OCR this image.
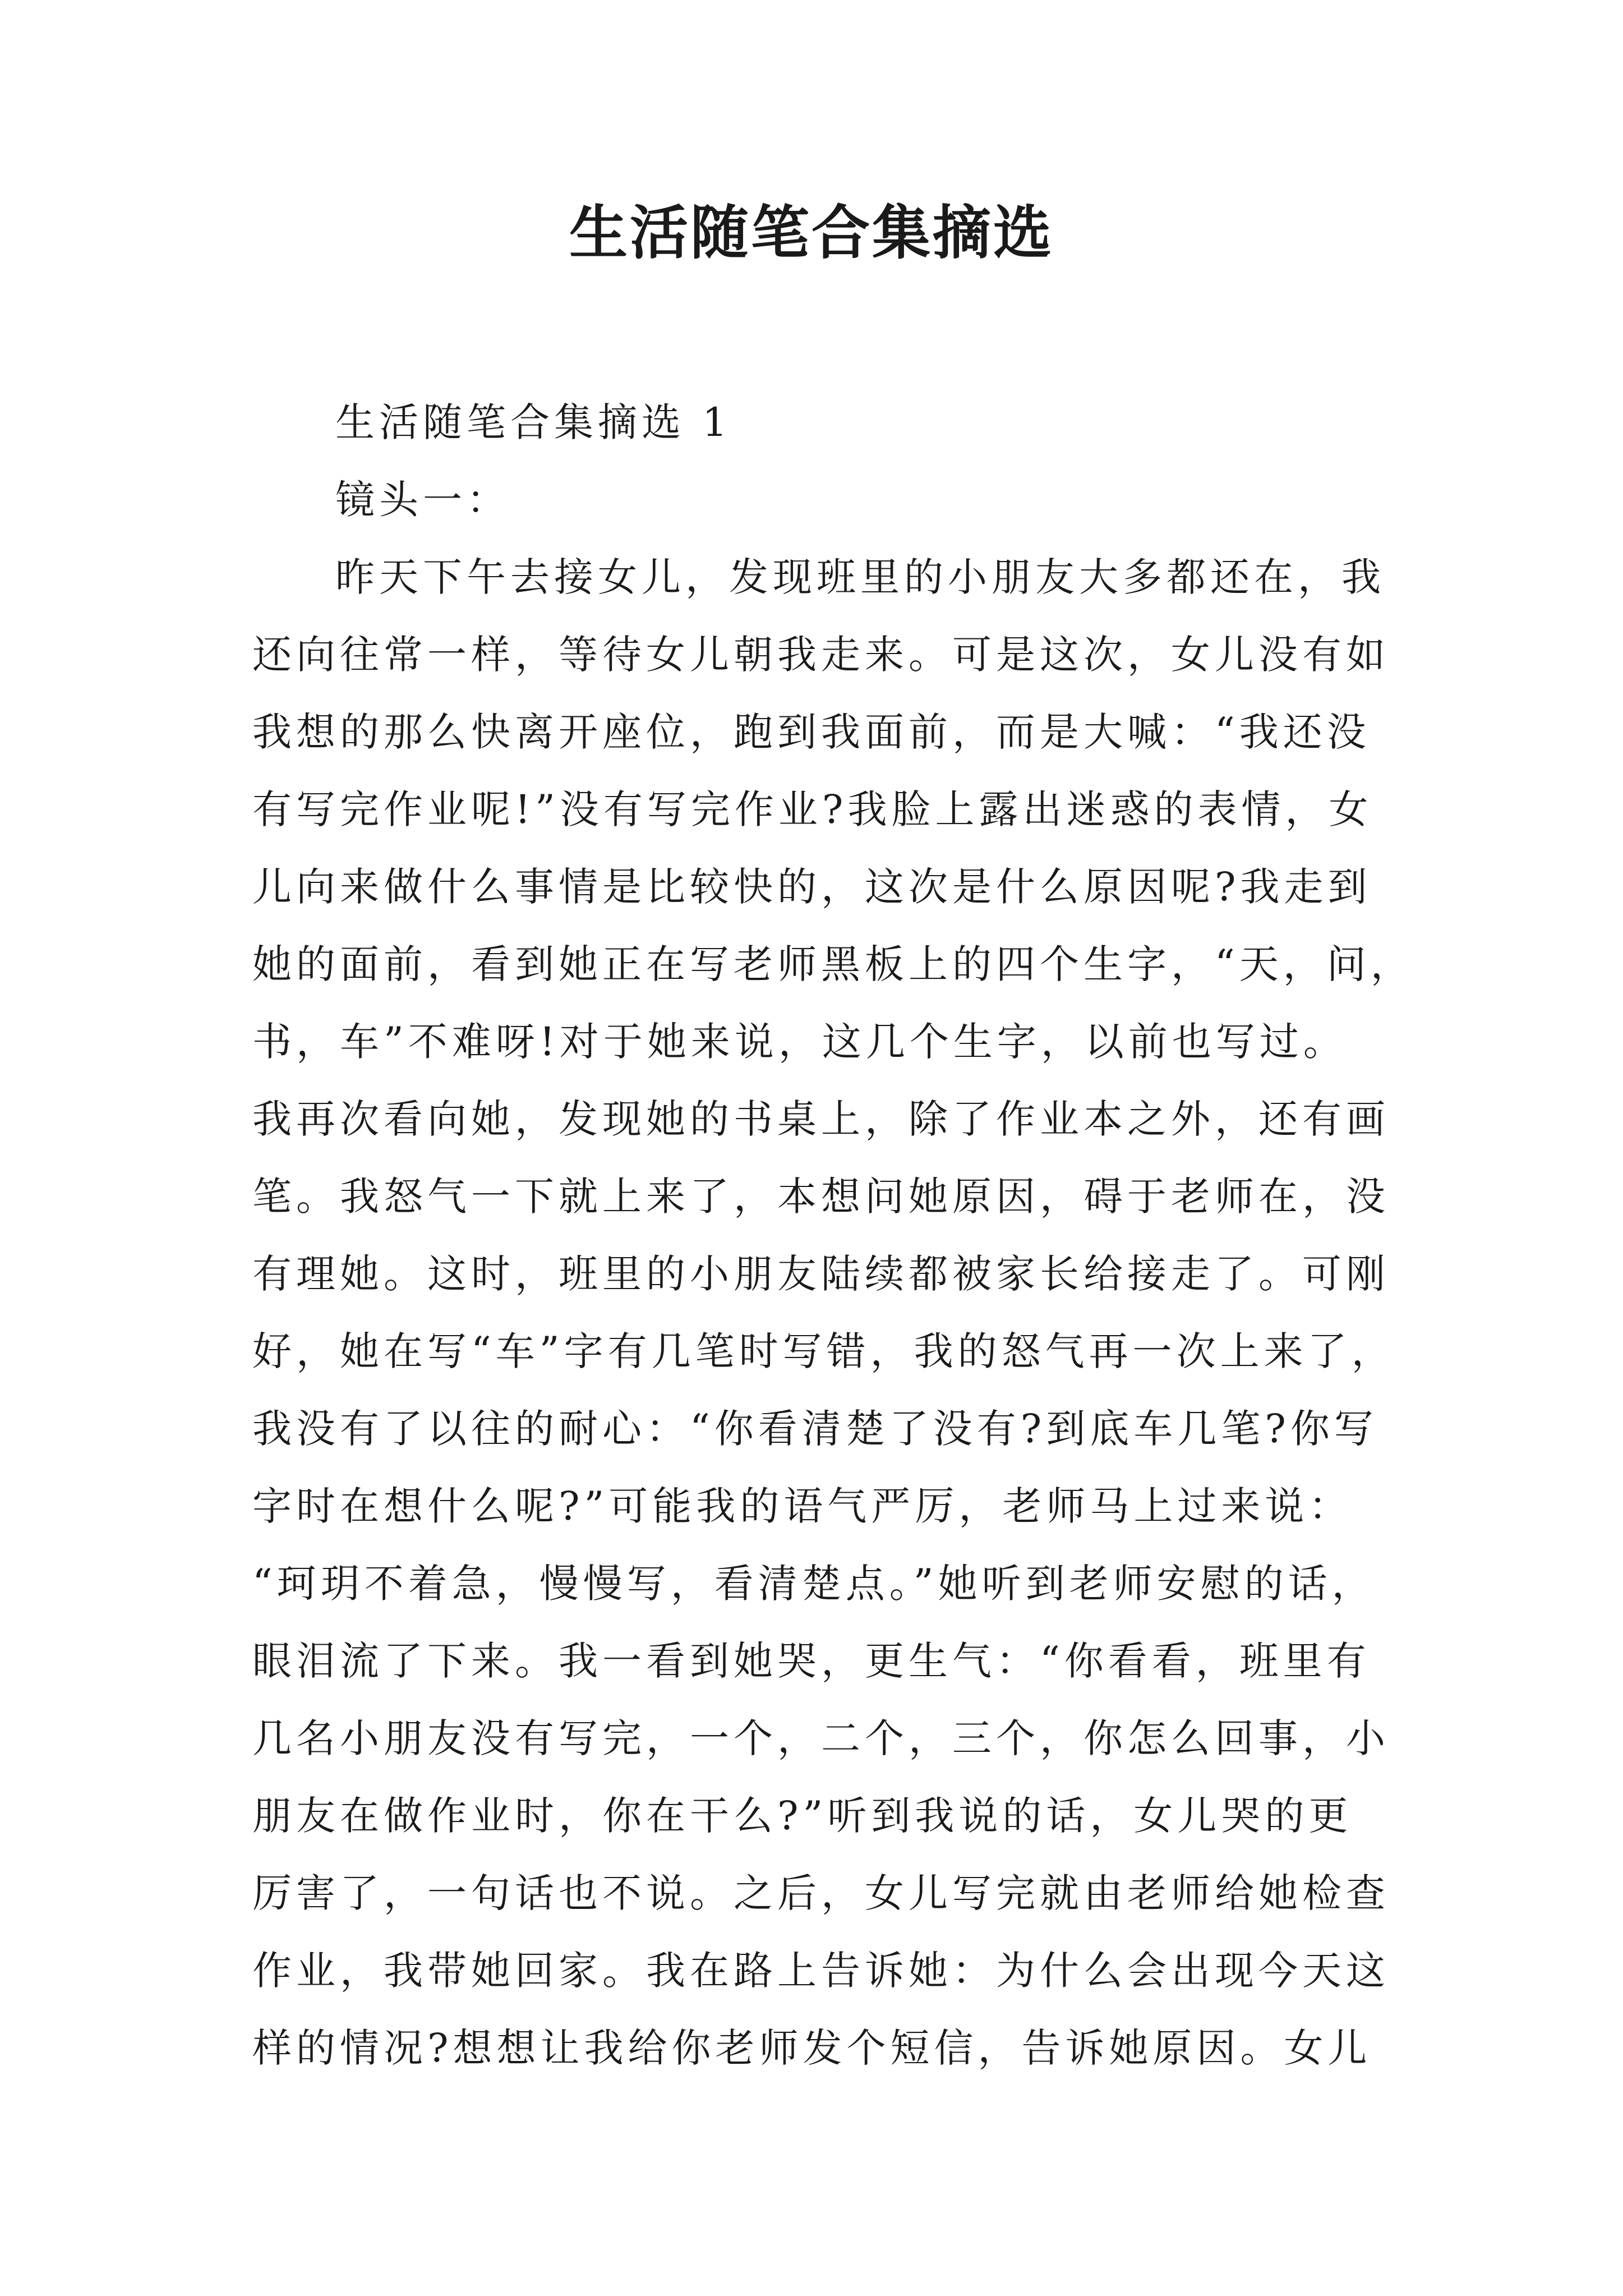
生活随笔合集摘选
生活随笔合集摘选 1
镜头一：
昨天下午去接女儿，发现班里的小朋友大多都还在，我
还向往常一样，等待女儿朝我走来。可是这次，女儿没有如
我想的那么快离开座位，跑到我面前，而是大喊：“我还没
有写完作业呢!”没有写完作业?我脸上露出迷惑的表情，女
儿向来做什么事情是比较快的，这次是什么原因呢?我走到
她的面前，看到她正在写老师黑板上的四个生字，“天，问，
书，车”不难呀!对于她来说，这几个生字，以前也写过。
我再次看向她，发现她的书桌上，除了作业本之外，还有画
笔。我怒气一下就上来了，本想问她原因，碍于老师在，没
有理她。这时，班里的小朋友陆续都被家长给接走了。可刚
好，她在写“车”字有几笔时写错，我的怒气再一次上来了，
我没有了以往的耐心：“你看清楚了没有?到底车几笔?你写
字时在想什么呢?”可能我的语气严厉，老师马上过来说：
“珂玥不着急，慢慢写，看清楚点。”她听到老师安慰的话，
眼泪流了下来。我一看到她哭，更生气：“你看看，班里有
几名小朋友没有写完，一个，二个，三个，你怎么回事，小
朋友在做作业时，你在干么?”听到我说的话，女儿哭的更
厉害了，一句话也不说。之后，女儿写完就由老师给她检查
作业，我带她回家。我在路上告诉她：为什么会出现今天这
样的情况?想想让我给你老师发个短信，告诉她原因。女儿
